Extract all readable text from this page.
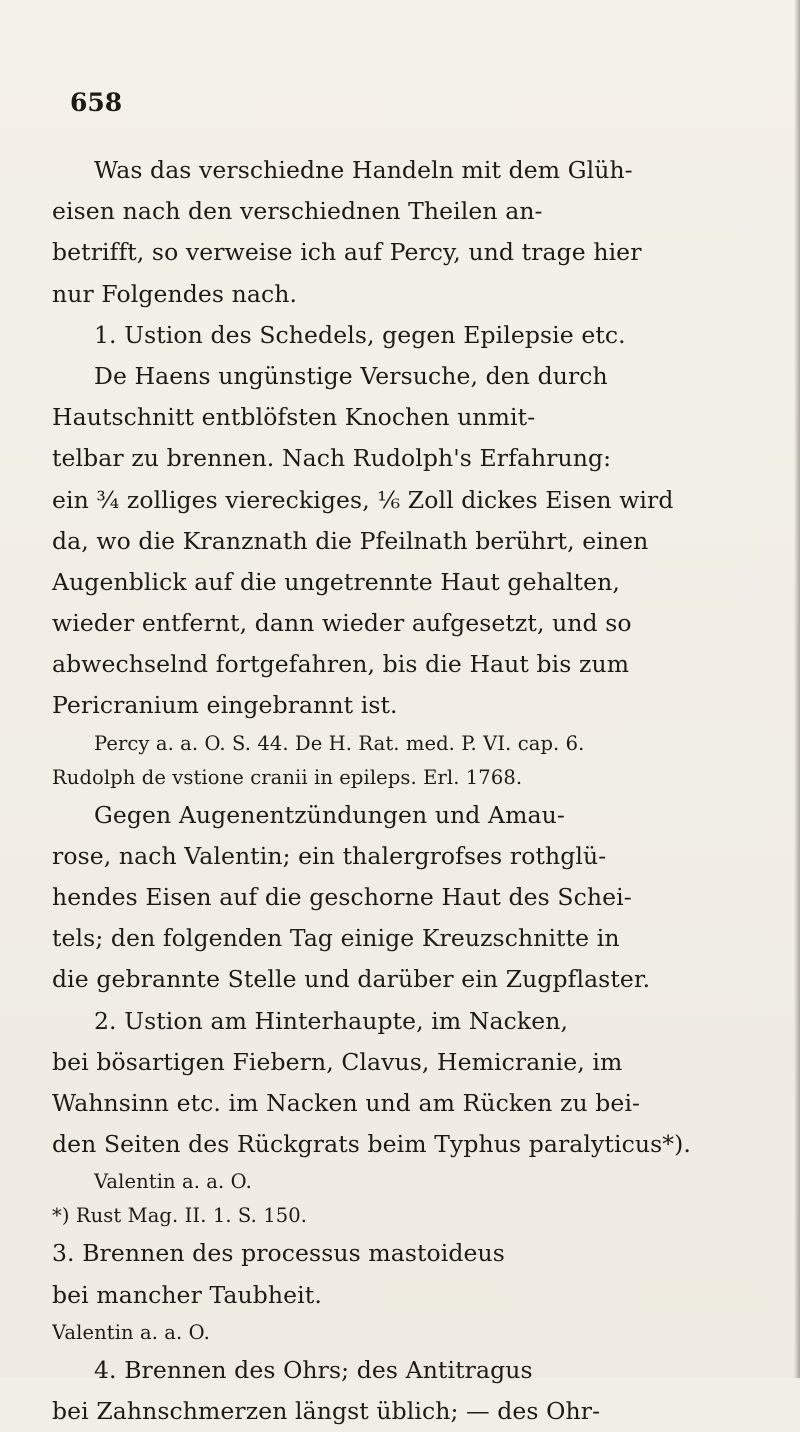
658
Was das verschiedne Handeln mit dem Glüh-
eisen nach den verschiednen Theilen an-
betrifft, so verweise ich auf Percy, und trage hier
nur Folgendes nach.
1. Ustion des Schedels, gegen Epilepsie etc.
De Haens ungünstige Versuche, den durch
Hautschnitt entblöfsten Knochen unmit-
telbar zu brennen. Nach Rudolph's Erfahrung:
ein ¾ zolliges viereckiges, ⅙ Zoll dickes Eisen wird
da, wo die Kranznath die Pfeilnath berührt, einen
Augenblick auf die ungetrennte Haut gehalten,
wieder entfernt, dann wieder aufgesetzt, und so
abwechselnd fortgefahren, bis die Haut bis zum
Pericranium eingebrannt ist.
Percy a. a. O. S. 44. De H. Rat. med. P. VI. cap. 6.
Rudolph de vstione cranii in epileps. Erl. 1768.
Gegen Augenentzündungen und Amau-
rose, nach Valentin; ein thalergrofses rothglü-
hendes Eisen auf die geschorne Haut des Schei-
tels; den folgenden Tag einige Kreuzschnitte in
die gebrannte Stelle und darüber ein Zugpflaster.
2. Ustion am Hinterhaupte, im Nacken,
bei bösartigen Fiebern, Clavus, Hemicranie, im
Wahnsinn etc. im Nacken und am Rücken zu bei-
den Seiten des Rückgrats beim Typhus paralyticus*).
Valentin a. a. O.
*) Rust Mag. II. 1. S. 150.
3. Brennen des processus mastoideus
bei mancher Taubheit.
Valentin a. a. O.
4. Brennen des Ohrs; des Antitragus
bei Zahnschmerzen längst üblich; — des Ohr-
